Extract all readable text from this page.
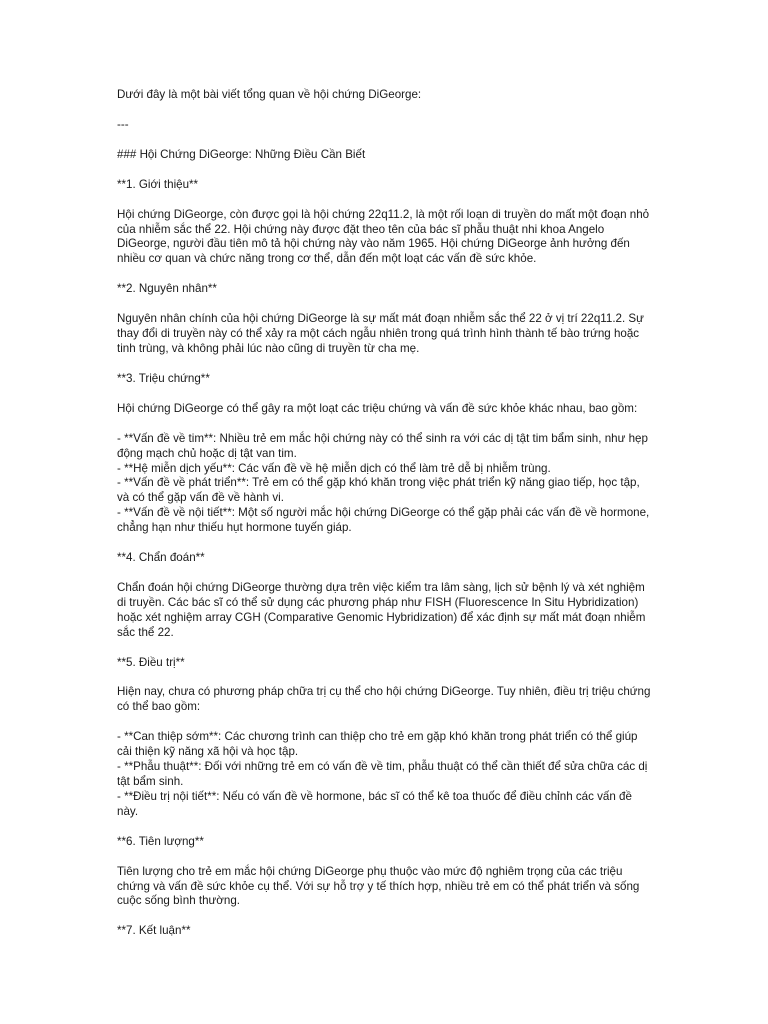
Dưới đây là một bài viết tổng quan về hội chứng DiGeorge:

---

### Hội Chứng DiGeorge: Những Điều Cần Biết

**1. Giới thiệu**

Hội chứng DiGeorge, còn được gọi là hội chứng 22q11.2, là một rối loạn di truyền do mất một đoạn nhỏ của nhiễm sắc thể 22. Hội chứng này được đặt theo tên của bác sĩ phẫu thuật nhi khoa Angelo DiGeorge, người đầu tiên mô tả hội chứng này vào năm 1965. Hội chứng DiGeorge ảnh hưởng đến nhiều cơ quan và chức năng trong cơ thể, dẫn đến một loạt các vấn đề sức khỏe.

**2. Nguyên nhân**

Nguyên nhân chính của hội chứng DiGeorge là sự mất mát đoạn nhiễm sắc thể 22 ở vị trí 22q11.2. Sự thay đổi di truyền này có thể xảy ra một cách ngẫu nhiên trong quá trình hình thành tế bào trứng hoặc tinh trùng, và không phải lúc nào cũng di truyền từ cha mẹ.

**3. Triệu chứng**

Hội chứng DiGeorge có thể gây ra một loạt các triệu chứng và vấn đề sức khỏe khác nhau, bao gồm:

- **Vấn đề về tim**: Nhiều trẻ em mắc hội chứng này có thể sinh ra với các dị tật tim bẩm sinh, như hẹp động mạch chủ hoặc dị tật van tim.
- **Hệ miễn dịch yếu**: Các vấn đề về hệ miễn dịch có thể làm trẻ dễ bị nhiễm trùng.
- **Vấn đề về phát triển**: Trẻ em có thể gặp khó khăn trong việc phát triển kỹ năng giao tiếp, học tập, và có thể gặp vấn đề về hành vi.
- **Vấn đề về nội tiết**: Một số người mắc hội chứng DiGeorge có thể gặp phải các vấn đề về hormone, chẳng hạn như thiếu hụt hormone tuyến giáp.

**4. Chẩn đoán**

Chẩn đoán hội chứng DiGeorge thường dựa trên việc kiểm tra lâm sàng, lịch sử bệnh lý và xét nghiệm di truyền. Các bác sĩ có thể sử dụng các phương pháp như FISH (Fluorescence In Situ Hybridization) hoặc xét nghiệm array CGH (Comparative Genomic Hybridization) để xác định sự mất mát đoạn nhiễm sắc thể 22.

**5. Điều trị**

Hiện nay, chưa có phương pháp chữa trị cụ thể cho hội chứng DiGeorge. Tuy nhiên, điều trị triệu chứng có thể bao gồm:

- **Can thiệp sớm**: Các chương trình can thiệp cho trẻ em gặp khó khăn trong phát triển có thể giúp cải thiện kỹ năng xã hội và học tập.
- **Phẫu thuật**: Đối với những trẻ em có vấn đề về tim, phẫu thuật có thể cần thiết để sửa chữa các dị tật bẩm sinh.
- **Điều trị nội tiết**: Nếu có vấn đề về hormone, bác sĩ có thể kê toa thuốc để điều chỉnh các vấn đề này.

**6. Tiên lượng**

Tiên lượng cho trẻ em mắc hội chứng DiGeorge phụ thuộc vào mức độ nghiêm trọng của các triệu chứng và vấn đề sức khỏe cụ thể. Với sự hỗ trợ y tế thích hợp, nhiều trẻ em có thể phát triển và sống cuộc sống bình thường.

**7. Kết luận**
